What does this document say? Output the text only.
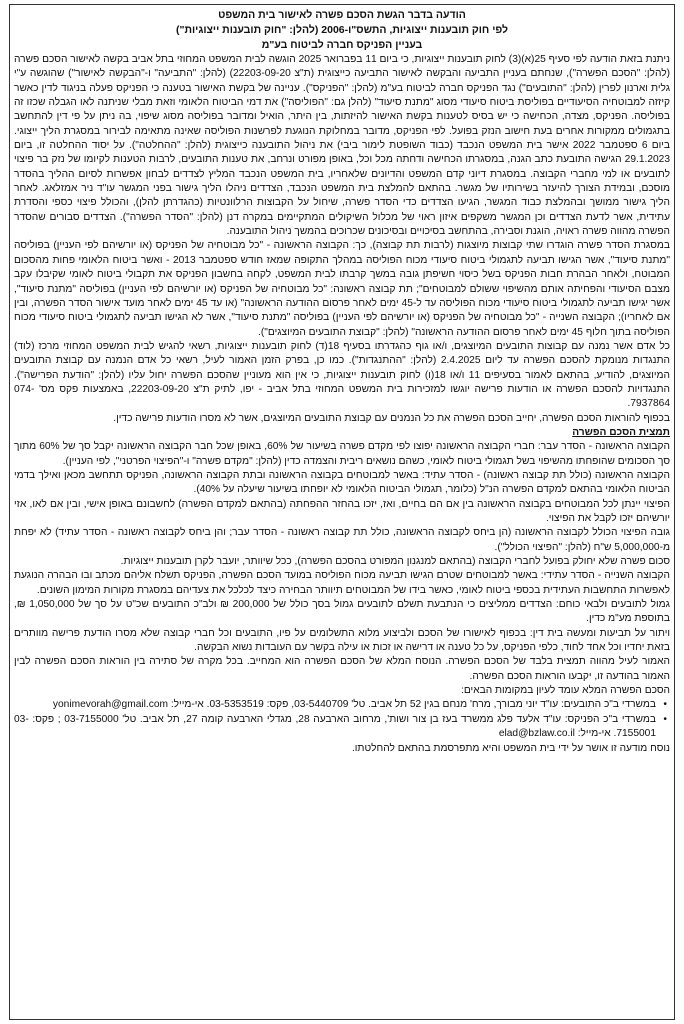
הודעה בדבר הגשת הסכם פשרה לאישור בית המשפט
לפי חוק תובענות ייצוגיות, התשס"ו-2006 (להלן: "חוק תובענות ייצוגיות")
בעניין הפניקס חברה לביטוח בע"מ

ניתנת בזאת הודעה לפי סעיף 25(א)(3) לחוק תובענות ייצוגיות, כי ביום 11 בפברואר 2025 הוגשה לבית המשפט המחוזי בתל אביב בקשה לאישור הסכם פשרה (להלן: "הסכם הפשרה"), שנחתם בעניין התביעה והבקשה לאישור התביעה כייצוגית (ת"צ 22203-09-20) (להלן: "התביעה" ו-"הבקשה לאישור") שהוגשה ע"י גלית וארנון לפרין (להלן: "התובעים") נגד הפניקס חברה לביטוח בע"מ (להלן: "הפניקס"). עניינה של בקשת האישור בטענה כי הפניקס פעלה בניגוד לדין כאשר קיזזה למבוטחיה הסיעודיים בפוליסת ביטוח סיעודי מסוג "מתנת סיעוד" (להלן גם: "הפוליסה") את דמי הביטוח הלאומי וזאת מבלי שניתנה לאו הגבלה שכזו זה בפוליסה. הפניקס, מצדה, הכחישה כי יש בסיס לטענות בקשת האישור להיזתות, בין היתר, הואיל ומדובר בפוליסה מסוג שיפוי, בה ניתן על פי דין להתחשב בתגמולים ממקורות אחרים בעת חישוב הנזק בפועל. לפי הפניקס, מדובר במחלוקת הנוגעת לפרשנות הפוליסה שאינה מתאימה לבירור במסגרת הליך ייצוגי. ביום 6 ספטמבר 2022 אישר בית המשפט הנכבד (כבוד השופטת לימור ביבי) את ניהול התובענה כייצוגית (להלן: "ההחלטה"). על יסוד ההחלטה זו, ביום 29.1.2023 הגישה התובעת כתב הגנה, במסגרתו הכחישה ודחתה מכל וכל, באופן מפורט ונרחב, את טענות התובעים, לרבות הטענות לקיומו של נזק בר פיצוי לתובעים או למי מחברי הקבוצה. במסגרת דיוני קדם המשפט והדיונים שלאחריו, בית המשפט הנכבד המליץ לצדדים לבחון אפשרות לסיום ההליך בהסדר מוסכם, ובמידת הצורך להיעזר בשירותיו של מגשר. בהתאם להמלצת בית המשפט הנכבד, הצדדים ניהלו הליך גישור בפני המגשר עו"ד ניר אמזלאג. לאחר הליך גישור ממושך ובהמלצת כבוד המגשר, הגיעו הצדדים כדי הסדר פשרה, שיחול על הקבוצות הרלוונטיות (כהגדרתן להלן), והכולל פיצוי כספי והסדרת עתידית, אשר לדעת הצדדים וכן המגשר משקפים איזון ראוי של מכלול השיקולים המתקיימים במקרה דנן (להלן: "הסדר הפשרה"). הצדדים סבורים שהסדר הפשרה מהווה פשרה ראויה, הוגנת וסבירה, בהתחשב בסיכויים ובסיכונים שכרוכים בהמשך ניהול התובענה.

במסגרת הסדר פשרה הוגדרו שתי קבוצות מיוצגות (לרבות תת קבוצה), כך: הקבוצה הראשונה - "כל מבוטחיה של הפניקס (או יורשיהם לפי העניין) בפוליסה "מתנת סיעוד", אשר הגישו תביעה לתגמולי ביטוח סיעודי מכוח הפוליסה במהלך התקופה שמאז חודש ספטמבר 2013 - ואשר ביטוח הלאומי פחות מהסכום המבוטח, ולאחר הבהרת חבות הפניקס בשל כיסוי חשיפתן גובה במשך קרבתו לבית המשפט, לקחה בחשבון הפניקס את תקבולי ביטוח לאומי שקיבלו עקב מצבם הסיעודי והפחיתה אותם מהשיפוי ששולם למבוטחים"; תת קבוצה ראשונה: "כל מבוטחיה של הפניקס (או יורשיהם לפי העניין) בפוליסה "מתנת סיעוד", אשר יגישו תביעה לתגמולי ביטוח סיעודי מכוח הפוליסה עד ל-45 ימים לאחר פרסום ההודעה הראשונה" (או עד 45 ימים לאחר מועד אישור הסדר הפשרה, ובין אם לאחריו); הקבוצה השנייה - "כל מבוטחיה של הפניקס (או יורשיהם לפי העניין) בפוליסה "מתנת סיעוד", אשר לא הגישו תביעה לתגמולי ביטוח סיעודי מכוח הפוליסה בתוך חלוף 45 ימים לאחר פרסום ההודעה הראשונה" (להלן: "קבוצת התובעים המיוצגים").

כל אדם אשר נמנה עם קבוצות התובעים המיוצגים, ו/או גוף כהגדרתו בסעיף 18(ד) לחוק תובענות ייצוגיות, רשאי להגיש לבית המשפט המחוזי מרכז (לוד) התנגדות מנומקת להסכם הפשרה עד ליום 2.4.2025 (להלן: "ההתנגדות"). כמו כן, בפרק הזמן האמור לעיל, רשאי כל אדם הנמנה עם קבוצת התובעים המיוצגים, להודיע, בהתאם לאמור בסעיפים 11 ו/או 18(ו) לחוק תובענות ייצוגיות, כי אין הוא מעוניין שהסכם הפשרה יחול עליו (להלן: "הודעת הפרישה"). התנגדויות להסכם הפשרה או הודעות פרישה יוגשו למזכירות בית המשפט המחוזי בתל אביב - יפו, לתיק ת"צ 22203-09-20, באמצעות פקס מס' 074-7937864.

בכפוף להוראות הסכם הפשרה, יחייב הסכם הפשרה את כל הנמנים עם קבוצת התובעים המיוצגים, אשר לא מסרו הודעות פרישה כדין.

תמצית הסכם הפשרה

הקבוצה הראשונה - הסדר עבר: חברי הקבוצה הראשונה יפוצו לפי מקדם פשרה בשיעור של 60%, באופן שכל חבר הקבוצה הראשונה יקבל סך של 60% מתוך סך הסכומים שהופחתו מהשיפוי בשל תגמולי ביטוח לאומי, כשהם נושאים ריבית והצמדה כדין (להלן: "מקדם פשרה" ו-"הפיצוי הפרטני", לפי העניין).

הקבוצה הראשונה (כולל תת קבוצה ראשונה) - הסדר עתיד: באשר למבוטחים בקבוצה הראשונה ובתת הקבוצה הראשונה, הפניקס תתחשב מכאן ואילך בדמי הביטוח הלאומי בהתאם למקדם הפשרה הנ"ל (כלומר, תגמולי הביטוח הלאומי לא יופחתו בשיעור שיעלה על 40%).

הפיצוי יינתן לכל המבוטחים בקבוצה הראשונה בין אם הם בחיים, ואז, יזכו בהחזר ההפחתה (בהתאם למקדם הפשרה) לחשבונם באופן אישי, ובין אם לאו, אזי יורשיהם יזכו לקבל את הפיצוי.

גובה הפיצוי הכולל לקבוצה הראשונה (הן ביחס לקבוצה הראשונה, כולל תת קבוצה ראשונה - הסדר עבר; והן ביחס לקבוצה ראשונה - הסדר עתיד) לא יפחת מ-5,000,000 ש"ח (להלן: "הפיצוי הכולל").

סכום פשרה שלא יחולק בפועל לחברי הקבוצה (בהתאם למנגנון המפורט בהסכם הפשרה), ככל שיוותר, יועבר לקרן תובענות ייצוגיות.

הקבוצה השנייה - הסדר עתידי: באשר למבוטחים שטרם הגישו תביעה מכוח הפוליסה במועד הסכם הפשרה, הפניקס תשלח אליהם מכתב ובו הבהרה הנוגעת לאפשרות התחשבות העתידית בכספי ביטוח לאומי, כאשר בידו של המבוטחים תיוותר הבחירה כיצד לכלכל את צעדיהם במסגרת מקורות המימון השונים.

גמול לתובעים ולבאי כוחם: הצדדים ממליצים כי הנתבעת תשלם לתובעים גמול בסך כולל של 200,000 ₪ ולב"כ התובעים שכ"ט על סך של 1,050,000 ₪, בתוספת מע"מ כדין.

ויתור על תביעות ומעשה בית דין: בכפוף לאישורו של הסכם ולביצוע מלוא התשלומים על פיו, התובעים וכל חברי קבוצה שלא מסרו הודעת פרישה מוותרים בזאת יחדיו וכל אחד לחוד, כלפי הפניקס, על כל טענה או דרישה או זכות או עילה בקשר עם העובדות נשוא הבקשה.

האמור לעיל מהווה תמצית בלבד של הסכם הפשרה. הנוסח המלא של הסכם הפשרה הוא המחייב. בכל מקרה של סתירה בין הוראות הסכם הפשרה לבין האמור בהודעה זו, יקבעו הוראות הסכם הפשרה.

הסכם הפשרה המלא עומד לעיון במקומות הבאים:

•
במשרדי ב"כ התובעים: עו"ד יוני מבורך, מרח' מנחם בגין 52 תל אביב. טל' 03-5440709, פקס: 03-5353519. אי-מייל: yonimevorah@gmail.com
•
במשרדי ב"כ הפניקס: עו"ד אלעד פלג ממשרד בעז בן צור ושות', מרחוב הארבעה 28, מגדלי הארבעה קומה 27, תל אביב. טל' 03-7155000 ; פקס: 03-7155001. אי-מייל: elad@bzlaw.co.il

נוסח מודעה זו אושר על ידי בית המשפט והיא מתפרסמת בהתאם להחלטתו.
